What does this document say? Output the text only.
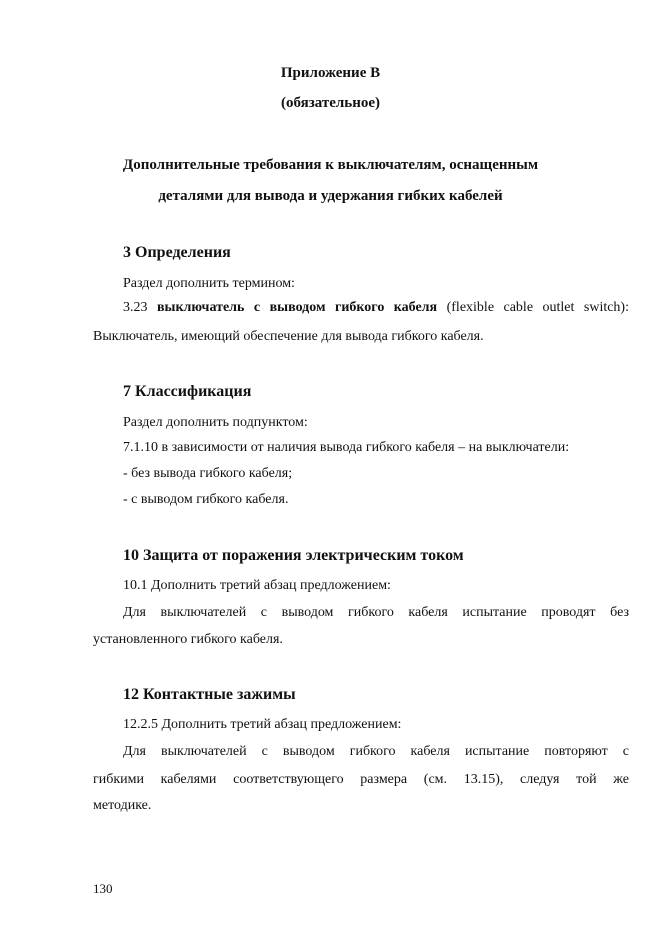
Приложение В
(обязательное)
Дополнительные требования к выключателям, оснащенным
деталями для вывода и удержания гибких кабелей
3 Определения
Раздел дополнить термином:
3.23 выключатель с выводом гибкого кабеля (flexible cable outlet switch):
Выключатель, имеющий обеспечение для вывода гибкого кабеля.
7 Классификация
Раздел дополнить подпунктом:
7.1.10 в зависимости от наличия вывода гибкого кабеля – на выключатели:
- без вывода гибкого кабеля;
- с выводом гибкого кабеля.
10 Защита от поражения электрическим током
10.1 Дополнить третий абзац предложением:
Для выключателей с выводом гибкого кабеля испытание проводят без
установленного гибкого кабеля.
12 Контактные зажимы
12.2.5 Дополнить третий абзац предложением:
Для выключателей с выводом гибкого кабеля испытание повторяют с
гибкими кабелями соответствующего размера (см. 13.15), следуя той же
методике.
130
